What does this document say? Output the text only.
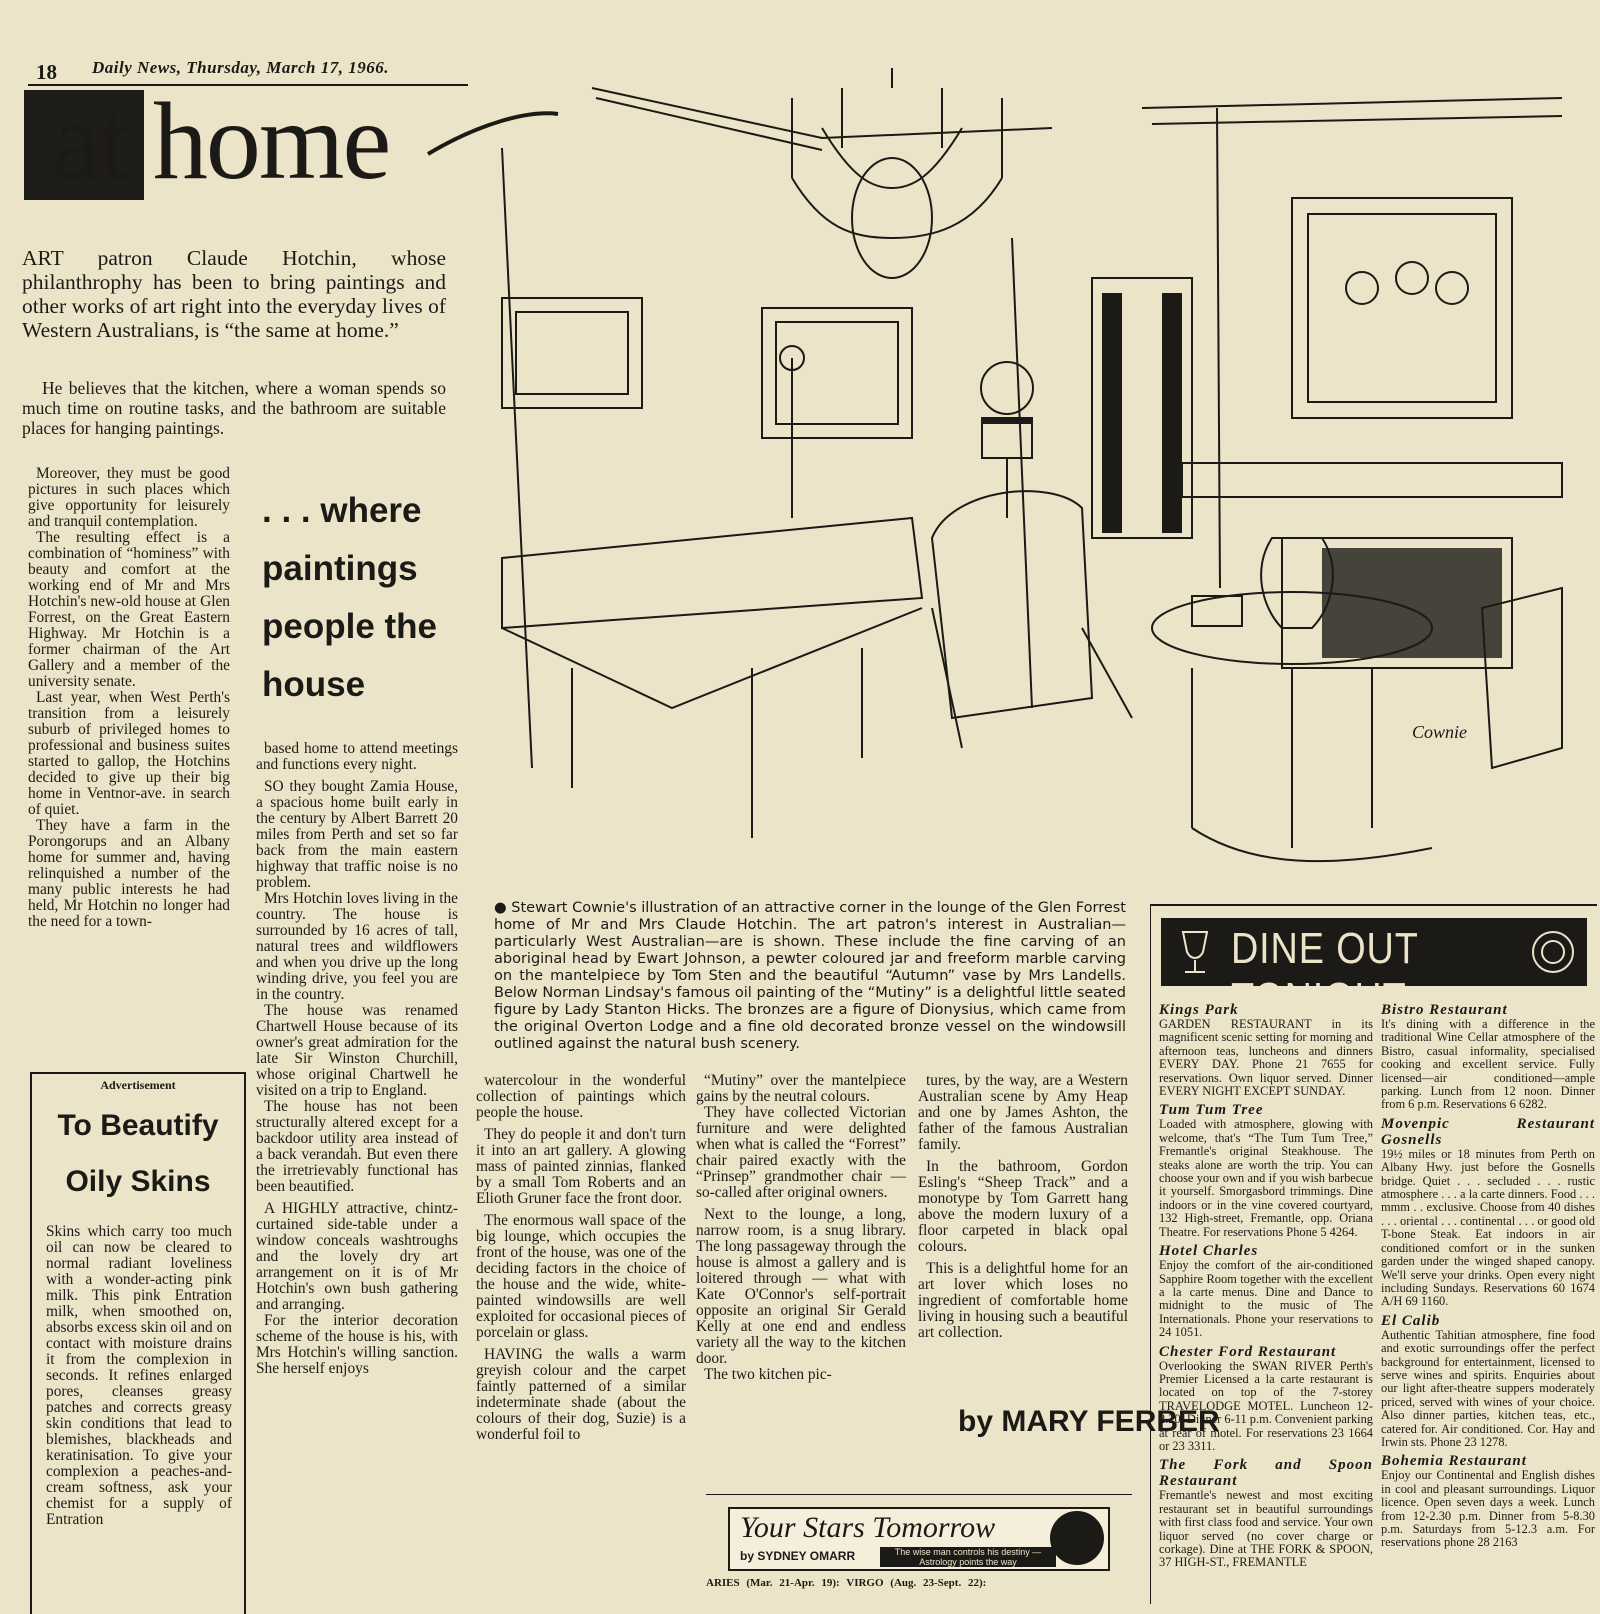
18 Daily News, Thursday, March 17, 1966.
at home
ART patron Claude Hotchin, whose philanthrophy has been to bring paintings and other works of art right into the everyday lives of Western Australians, is “the same at home.”
He believes that the kitchen, where a woman spends so much time on routine tasks, and the bathroom are suitable places for hanging paintings.

Moreover, they must be good pictures in such places which give opportunity for leisurely and tranquil contemplation.

The resulting effect is a combination of “hominess” with beauty and comfort at the working end of Mr and Mrs Hotchin's new-old house at Glen Forrest, on the Great Eastern Highway. Mr Hotchin is a former chairman of the Art Gallery and a member of the university senate.

Last year, when West Perth's transition from a leisurely suburb of privileged homes to professional and business suites started to gallop, the Hotchins decided to give up their big home in Ventnor-ave. in search of quiet.

They have a farm in the Porongorups and an Albany home for summer and, having relinquished a number of the many public interests he had held, Mr Hotchin no longer had the need for a town-

. . . where paintings people the house

based home to attend meetings and functions every night.

SO they bought Zamia House, a spacious home built early in the century by Albert Barrett 20 miles from Perth and set so far back from the main eastern highway that traffic noise is no problem.

Mrs Hotchin loves living in the country. The house is surrounded by 16 acres of tall, natural trees and wildflowers and when you drive up the long winding drive, you feel you are in the country.

The house was renamed Chartwell House because of its owner's great admiration for the late Sir Winston Churchill, whose original Chartwell he visited on a trip to England.

The house has not been structurally altered except for a backdoor utility area instead of a back verandah. But even there the irretrievably functional has been beautified.

A HIGHLY attractive, chintz-curtained side-table under a window conceals washtroughs and the lovely dry art arrangement on it is of Mr Hotchin's own bush gathering and arranging.

For the interior decoration scheme of the house is his, with Mrs Hotchin's willing sanction. She herself enjoys

Cownie
● Stewart Cownie's illustration of an attractive corner in the lounge of the Glen Forrest home of Mr and Mrs Claude Hotchin. The art patron's interest in Australian—particularly West Australian—are is shown. These include the fine carving of an aboriginal head by Ewart Johnson, a pewter coloured jar and freeform marble carving on the mantelpiece by Tom Sten and the beautiful “Autumn” vase by Mrs Landells. Below Norman Lindsay's famous oil painting of the “Mutiny” is a delightful little seated figure by Lady Stanton Hicks. The bronzes are a figure of Dionysius, which came from the original Overton Lodge and a fine old decorated bronze vessel on the windowsill outlined against the natural bush scenery.
Advertisement
To Beautify Oily Skins
Skins which carry too much oil can now be cleared to normal radiant loveliness with a wonder-acting pink milk. This pink Entration milk, when smoothed on, absorbs excess skin oil and on contact with moisture drains it from the complexion in seconds. It refines enlarged pores, cleanses greasy patches and corrects greasy skin conditions that lead to blemishes, blackheads and keratinisation. To give your complexion a peaches-and-cream softness, ask your chemist for a supply of Entration

watercolour in the wonderful collection of paintings which people the house.

They do people it and don't turn it into an art gallery. A glowing mass of painted zinnias, flanked by a small Tom Roberts and an Elioth Gruner face the front door.

The enormous wall space of the big lounge, which occupies the front of the house, was one of the deciding factors in the choice of the house and the wide, white-painted windowsills are well exploited for occasional pieces of porcelain or glass.

HAVING the walls a warm greyish colour and the carpet faintly patterned of a similar indeterminate shade (about the colours of their dog, Suzie) is a wonderful foil to

“Mutiny” over the mantelpiece gains by the neutral colours.

They have collected Victorian furniture and were delighted when what is called the “Forrest” chair paired exactly with the “Prinsep” grandmother chair — so-called after original owners.

Next to the lounge, a long, narrow room, is a snug library. The long passageway through the house is almost a gallery and is loitered through — what with Kate O'Connor's self-portrait opposite an original Sir Gerald Kelly at one end and endless variety all the way to the kitchen door.

The two kitchen pic-

tures, by the way, are a Western Australian scene by Amy Heap and one by James Ashton, the father of the famous Australian family.

In the bathroom, Gordon Esling's “Sheep Track” and a monotype by Tom Garrett hang above the modern luxury of a floor carpeted in black opal colours.

This is a delightful home for an art lover which loses no ingredient of comfortable home living in housing such a beautiful art collection.

by MARY FERBER
Your Stars Tomorrow
by SYDNEY OMARR	The wise man controls his destiny — Astrology points the way
ARIES (Mar. 21-Apr. 19): VIRGO (Aug. 23-Sept. 22):
DINE OUT TONIGHT
Kings Park

GARDEN RESTAURANT in its magnificent scenic setting for morning and afternoon teas, luncheons and dinners EVERY DAY. Phone 21 7655 for reservations. Own liquor served. Dinner EVERY NIGHT EXCEPT SUNDAY.

Tum Tum Tree

Loaded with atmosphere, glowing with welcome, that's “The Tum Tum Tree,” Fremantle's original Steakhouse. The steaks alone are worth the trip. You can choose your own and if you wish barbecue it yourself. Smorgasbord trimmings. Dine indoors or in the vine covered courtyard, 132 High-street, Fremantle, opp. Oriana Theatre. For reservations Phone 5 4264.

Hotel Charles

Enjoy the comfort of the air-conditioned Sapphire Room together with the excellent a la carte menus. Dine and Dance to midnight to the music of The Internationals. Phone your reservations to 24 1051.

Chester Ford Restaurant

Overlooking the SWAN RIVER Perth's Premier Licensed a la carte restaurant is located on top of the 7-storey TRAVELODGE MOTEL. Luncheon 12-2.20. Dinner 6-11 p.m. Convenient parking at rear of motel. For reservations 23 1664 or 23 3311.

The Fork and Spoon Restaurant

Fremantle's newest and most exciting restaurant set in beautiful surroundings with first class food and service. Your own liquor served (no cover charge or corkage). Dine at THE FORK & SPOON, 37 HIGH-ST., FREMANTLE

Bistro Restaurant

It's dining with a difference in the traditional Wine Cellar atmosphere of the Bistro, casual informality, specialised cooking and excellent service. Fully licensed—air conditioned—ample parking. Lunch from 12 noon. Dinner from 6 p.m. Reservations 6 6282.

Movenpic Restaurant Gosnells

19½ miles or 18 minutes from Perth on Albany Hwy. just before the Gosnells bridge. Quiet . . . secluded . . . rustic atmosphere . . . a la carte dinners. Food . . . mmm . . exclusive. Choose from 40 dishes . . . oriental . . . continental . . . or good old T-bone Steak. Eat indoors in air conditioned comfort or in the sunken garden under the winged shaped canopy. We'll serve your drinks. Open every night including Sundays. Reservations 60 1674 A/H 69 1160.

El Calib

Authentic Tahitian atmosphere, fine food and exotic surroundings offer the perfect background for entertainment, licensed to serve wines and spirits. Enquiries about our light after-theatre suppers moderately priced, served with wines of your choice. Also dinner parties, kitchen teas, etc., catered for. Air conditioned. Cor. Hay and Irwin sts. Phone 23 1278.

Bohemia Restaurant

Enjoy our Continental and English dishes in cool and pleasant surroundings. Liquor licence. Open seven days a week. Lunch from 12-2.30 p.m. Dinner from 5-8.30 p.m. Saturdays from 5-12.3 a.m. For reservations phone 28 2163
